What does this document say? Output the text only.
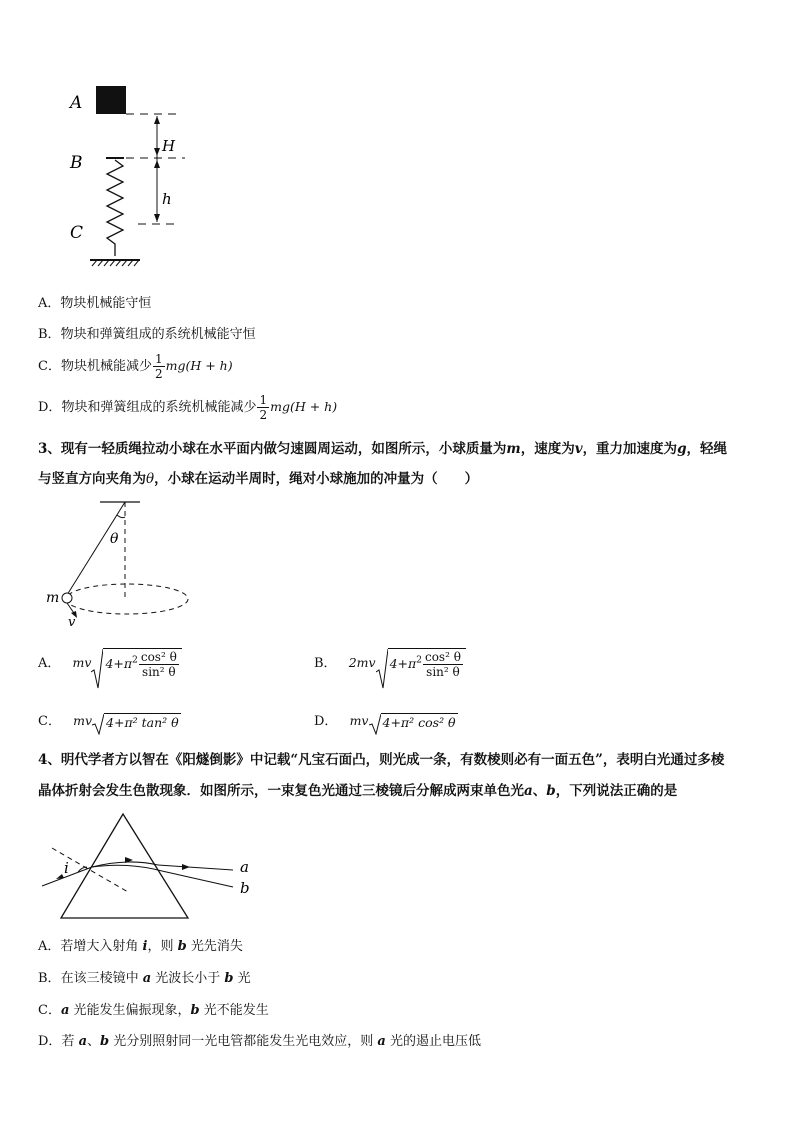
A
B
C
H
h
A．物块机械能守恒
B．物块和弹簧组成的系统机械能守恒
C．物块机械能减少 $\frac{1}{2} mg(H + h)$
D．物块和弹簧组成的系统机械能减少 $\frac{1}{2} mg(H + h)$
3、现有一轻质绳拉动小球在水平面内做匀速圆周运动，如图所示，小球质量为m，速度为v，重力加速度为g，轻绳
与竖直方向夹角为θ，小球在运动半周时，绳对小球施加的冲量为（　　）
θ
m
v
A． mv $4+\pi^2 \frac{\text{cos² θ}}{\text{sin² θ}}$	B． 2mv $4+\pi^2 \frac{\text{cos² θ}}{\text{sin² θ}}$
C． mv 4+π² tan² θ	D． mv 4+π² cos² θ
4、明代学者方以智在《阳燧倒影》中记载“凡宝石面凸，则光成一条，有数棱则必有一面五色”，表明白光通过多棱
晶体折射会发生色散现象．如图所示，一束复色光通过三棱镜后分解成两束单色光a、b，下列说法正确的是
i	a
b
A．若增大入射角 i，则 b 光先消失
B．在该三棱镜中 a 光波长小于 b 光
C．a 光能发生偏振现象，b 光不能发生
D．若 a、b 光分别照射同一光电管都能发生光电效应，则 a 光的遏止电压低
